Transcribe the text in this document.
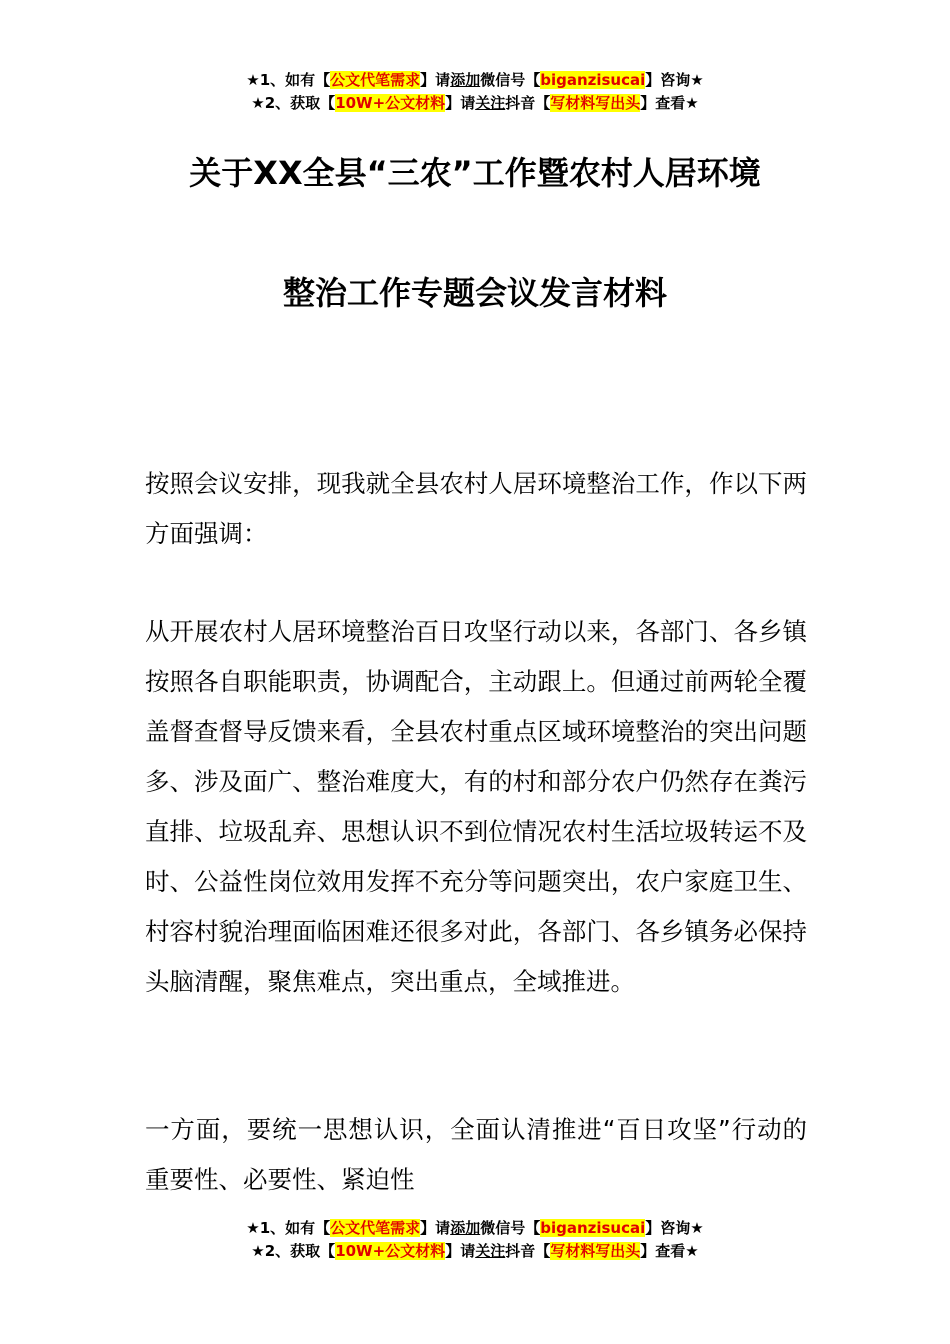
★1、如有【公文代笔需求】请添加微信号【biganzisucai】咨询★
★2、获取【10W+公文材料】请关注抖音【写材料写出头】查看★
关于XX全县“三农”工作暨农村人居环境
整治工作专题会议发言材料
按照会议安排，现我就全县农村人居环境整治工作，作以下两方面强调：
从开展农村人居环境整治百日攻坚行动以来，各部门、各乡镇按照各自职能职责，协调配合，主动跟上。但通过前两轮全覆盖督查督导反馈来看，全县农村重点区域环境整治的突出问题多、涉及面广、整治难度大，有的村和部分农户仍然存在粪污直排、垃圾乱弃、思想认识不到位情况农村生活垃圾转运不及时、公益性岗位效用发挥不充分等问题突出，农户家庭卫生、村容村貌治理面临困难还很多对此，各部门、各乡镇务必保持头脑清醒，聚焦难点，突出重点，全域推进。
一方面，要统一思想认识，全面认清推进“百日攻坚”行动的重要性、必要性、紧迫性
★1、如有【公文代笔需求】请添加微信号【biganzisucai】咨询★
★2、获取【10W+公文材料】请关注抖音【写材料写出头】查看★
